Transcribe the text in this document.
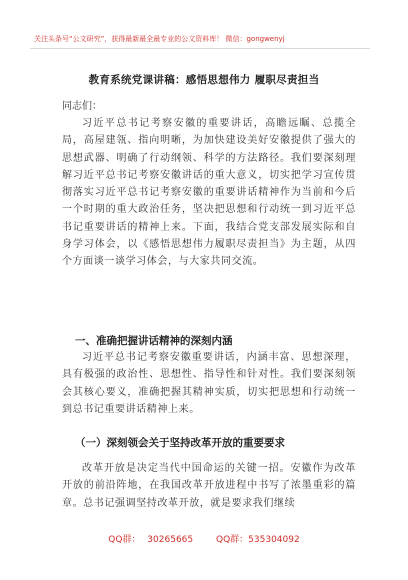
关注头条号“公文研究”，获得最新最全最专业的公文资料库！ 微信：gongwenyj
教育系统党课讲稿：感悟思想伟力 履职尽责担当
同志们：

习近平总书记考察安徽的重要讲话，高瞻远瞩、总揽全局，高屋建瓴、指向明晰，为加快建设美好安徽提供了强大的思想武器、明确了行动纲领、科学的方法路径。我们要深刻理解习近平总书记考察安徽讲话的重大意义，切实把学习宣传贯彻落实习近平总书记考察安徽的重要讲话精神作为当前和今后一个时期的重大政治任务，坚决把思想和行动统一到习近平总书记重要讲话的精神上来。下面，我结合党支部发展实际和自身学习体会，以《感悟思想伟力履职尽责担当》为主题，从四个方面谈一谈学习体会，与大家共同交流。

一、准确把握讲话精神的深刻内涵

习近平总书记考察安徽重要讲话，内涵丰富、思想深理，具有极强的政治性、思想性、指导性和针对性。我们要深刻领会其核心要义，准确把握其精神实质，切实把思想和行动统一到总书记重要讲话精神上来。

（一）深刻领会关于坚持改革开放的重要要求

改革开放是决定当代中国命运的关键一招。安徽作为改革开放的前沿阵地，在我国改革开放进程中书写了浓墨重彩的篇章。总书记强调坚持改革开放，就是要求我们继续

QQ群： 30265665	QQ群：535304092
